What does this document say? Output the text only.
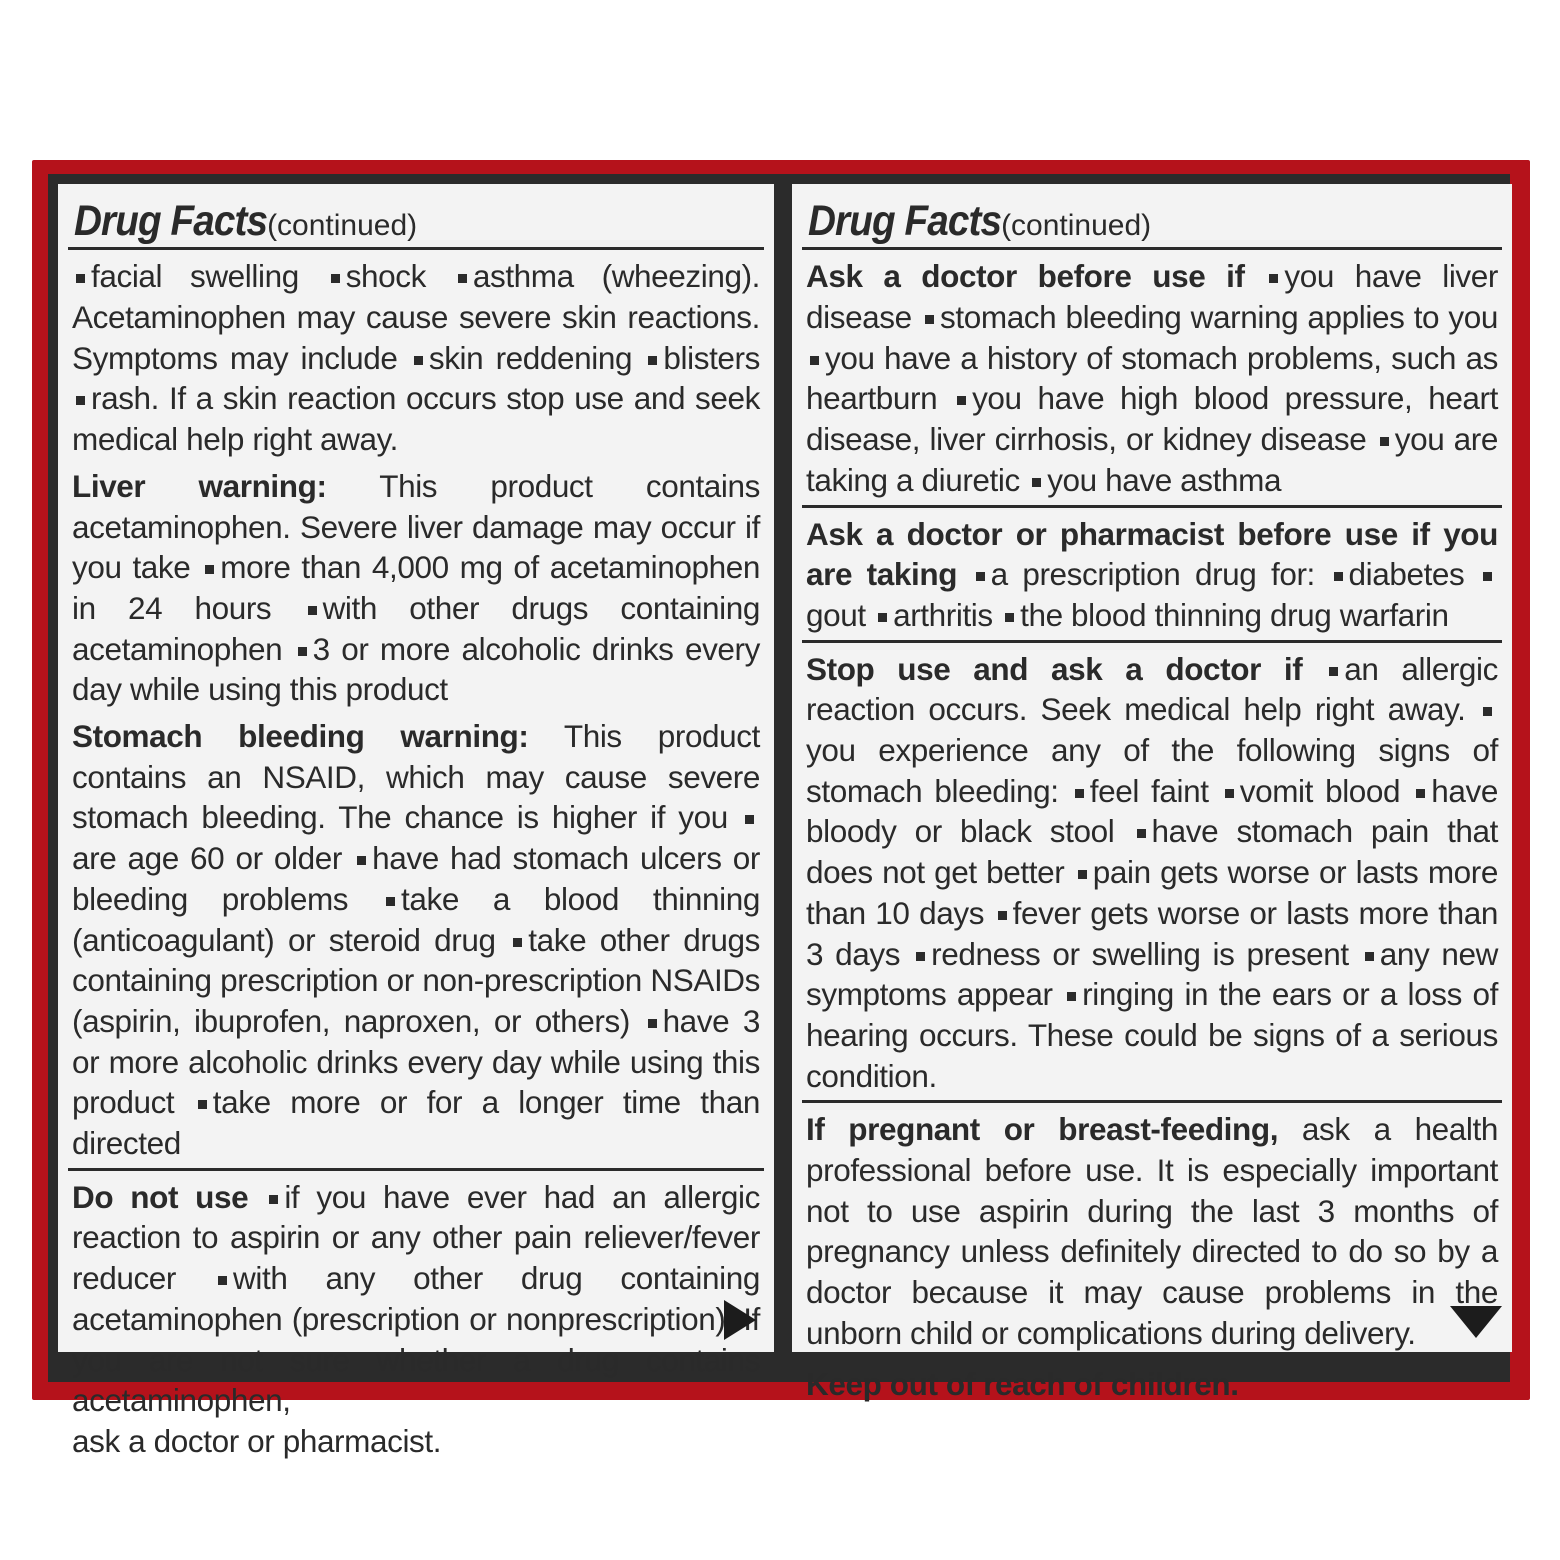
Drug Facts (continued)
facial swelling shock asthma (wheezing). Acetaminophen may cause severe skin reactions. Symptoms may include skin reddening blisters rash. If a skin reaction occurs stop use and seek medical help right away.
Liver warning: This product contains acetaminophen. Severe liver damage may occur if you take more than 4,000 mg of acetaminophen in 24 hours with other drugs containing acetaminophen 3 or more alcoholic drinks every day while using this product
Stomach bleeding warning: This product contains an NSAID, which may cause severe stomach bleeding. The chance is higher if you are age 60 or older have had stomach ulcers or bleeding problems take a blood thinning (anticoagulant) or steroid drug take other drugs containing prescription or non-prescription NSAIDs (aspirin, ibuprofen, naproxen, or others) have 3 or more alcoholic drinks every day while using this product take more or for a longer time than directed
Do not use if you have ever had an allergic reaction to aspirin or any other pain reliever/fever reducer with any other drug containing acetaminophen (prescription or nonprescription). If you are not sure whether a drug contains acetaminophen,
ask a doctor or pharmacist.
Drug Facts (continued)
Ask a doctor before use if you have liver disease stomach bleeding warning applies to you you have a history of stomach problems, such as heartburn you have high blood pressure, heart disease, liver cirrhosis, or kidney disease you are taking a diuretic you have asthma
Ask a doctor or pharmacist before use if you are taking a prescription drug for: diabetes gout arthritis the blood thinning drug warfarin
Stop use and ask a doctor if an allergic reaction occurs. Seek medical help right away. you experience any of the following signs of stomach bleeding: feel faint vomit blood have bloody or black stool have stomach pain that does not get better pain gets worse or lasts more than 10 days fever gets worse or lasts more than 3 days redness or swelling is present any new symptoms appear ringing in the ears or a loss of hearing occurs. These could be signs of a serious condition.
If pregnant or breast-feeding, ask a health professional before use. It is especially important not to use aspirin during the last 3 months of pregnancy unless definitely directed to do so by a doctor because it may cause problems in the unborn child or complications during delivery.
Keep out of reach of children.
